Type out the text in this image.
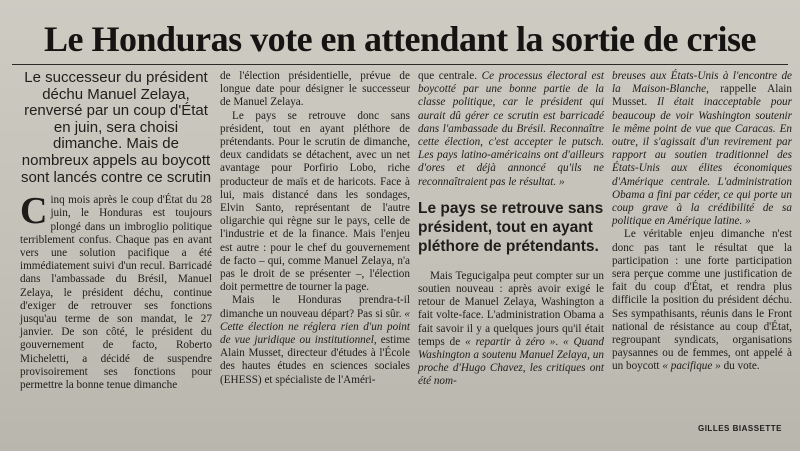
Le Honduras vote en attendant la sortie de crise

Le successeur du président déchu Manuel Zelaya, renversé par un coup d'État en juin, sera choisi dimanche. Mais de nombreux appels au boycott sont lancés contre ce scrutin

Cinq mois après le coup d'État du 28 juin, le Honduras est toujours plongé dans un imbroglio politique terriblement confus. Chaque pas en avant vers une solution pacifique a été immédiatement suivi d'un recul. Barricadé dans l'ambassade du Brésil, Manuel Zelaya, le président déchu, continue d'exiger de retrouver ses fonctions jusqu'au terme de son mandat, le 27 janvier. De son côté, le président du gouvernement de facto, Roberto Micheletti, a décidé de suspendre provisoirement ses fonctions pour permettre la bonne tenue dimanche

de l'élection présidentielle, prévue de longue date pour désigner le successeur de Manuel Zelaya.

Le pays se retrouve donc sans président, tout en ayant pléthore de prétendants. Pour le scrutin de dimanche, deux candidats se détachent, avec un net avantage pour Porfirio Lobo, riche producteur de maïs et de haricots. Face à lui, mais distancé dans les sondages, Elvin Santo, représentant de l'autre oligarchie qui règne sur le pays, celle de l'industrie et de la finance. Mais l'enjeu est autre : pour le chef du gouvernement de facto – qui, comme Manuel Zelaya, n'a pas le droit de se présenter –, l'élection doit permettre de tourner la page.

Mais le Honduras prendra-t-il dimanche un nouveau départ? Pas si sûr. « Cette élection ne réglera rien d'un point de vue juridique ou institutionnel, estime Alain Musset, directeur d'études à l'École des hautes études en sciences sociales (EHESS) et spécialiste de l'Améri-

que centrale. Ce processus électoral est boycotté par une bonne partie de la classe politique, car le président qui aurait dû gérer ce scrutin est barricadé dans l'ambassade du Brésil. Reconnaître cette élection, c'est accepter le putsch. Les pays latino-américains ont d'ailleurs d'ores et déjà annoncé qu'ils ne reconnaîtraient pas le résultat. »

Le pays se retrouve sans président, tout en ayant pléthore de prétendants.

Mais Tegucigalpa peut compter sur un soutien nouveau : après avoir exigé le retour de Manuel Zelaya, Washington a fait volte-face. L'administration Obama a fait savoir il y a quelques jours qu'il était temps de « repartir à zéro ». « Quand Washington a soutenu Manuel Zelaya, un proche d'Hugo Chavez, les critiques ont été nom-

breuses aux États-Unis à l'encontre de la Maison-Blanche, rappelle Alain Musset. Il était inacceptable pour beaucoup de voir Washington soutenir le même point de vue que Caracas. En outre, il s'agissait d'un revirement par rapport au soutien traditionnel des États-Unis aux élites économiques d'Amérique centrale. L'administration Obama a fini par céder, ce qui porte un coup grave à la crédibilité de sa politique en Amérique latine. »

Le véritable enjeu dimanche n'est donc pas tant le résultat que la participation : une forte participation sera perçue comme une justification de fait du coup d'État, et rendra plus difficile la position du président déchu. Ses sympathisants, réunis dans le Front national de résistance au coup d'État, regroupant syndicats, organisations paysannes ou de femmes, ont appelé à un boycott « pacifique » du vote.

GILLES BIASSETTE
